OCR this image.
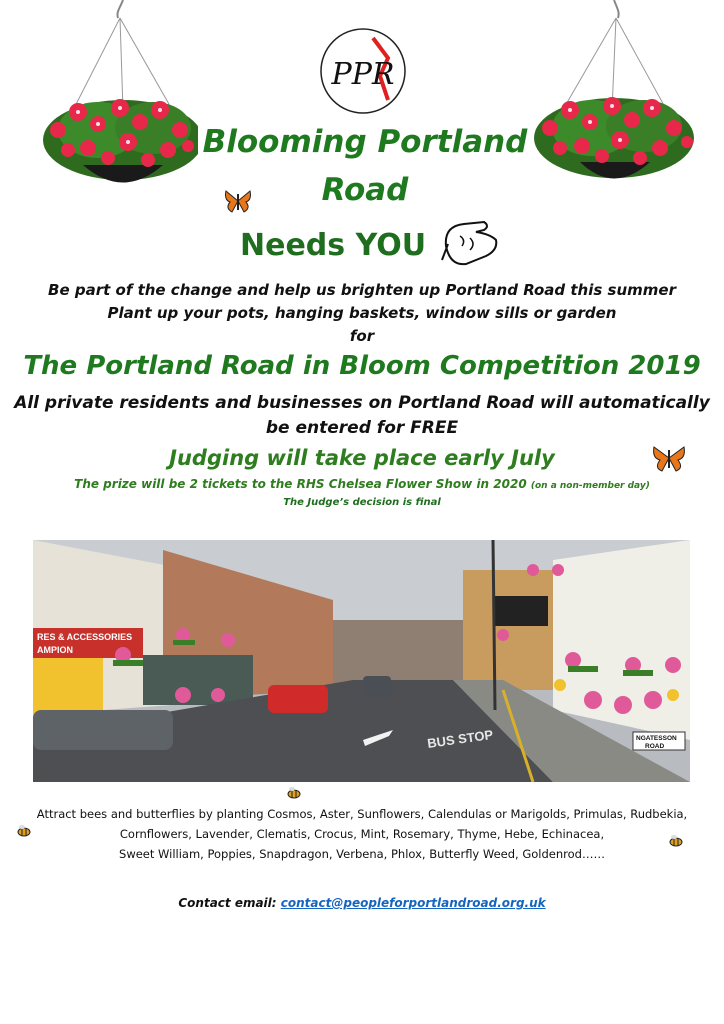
PPR
Blooming Portland
Road
Needs YOU
Be part of the change and help us brighten up Portland Road this summer
Plant up your pots, hanging baskets, window sills or garden
for
The Portland Road in Bloom Competition 2019
All private residents and businesses on Portland Road will automatically
be entered for FREE
Judging will take place early July
The prize will be 2 tickets to the RHS Chelsea Flower Show in 2020 (on a non-member day)
The Judge’s decision is final
RES & ACCESSORIES
AMPION
NGATESSON
ROAD
BUS STOP
Attract bees and butterflies by planting Cosmos, Aster, Sunflowers, Calendulas or Marigolds, Primulas, Rudbekia,
Cornflowers, Lavender, Clematis, Crocus, Mint, Rosemary, Thyme, Hebe, Echinacea,
Sweet William, Poppies, Snapdragon, Verbena, Phlox, Butterfly Weed, Goldenrod……
Contact email: contact@peopleforportlandroad.org.uk
